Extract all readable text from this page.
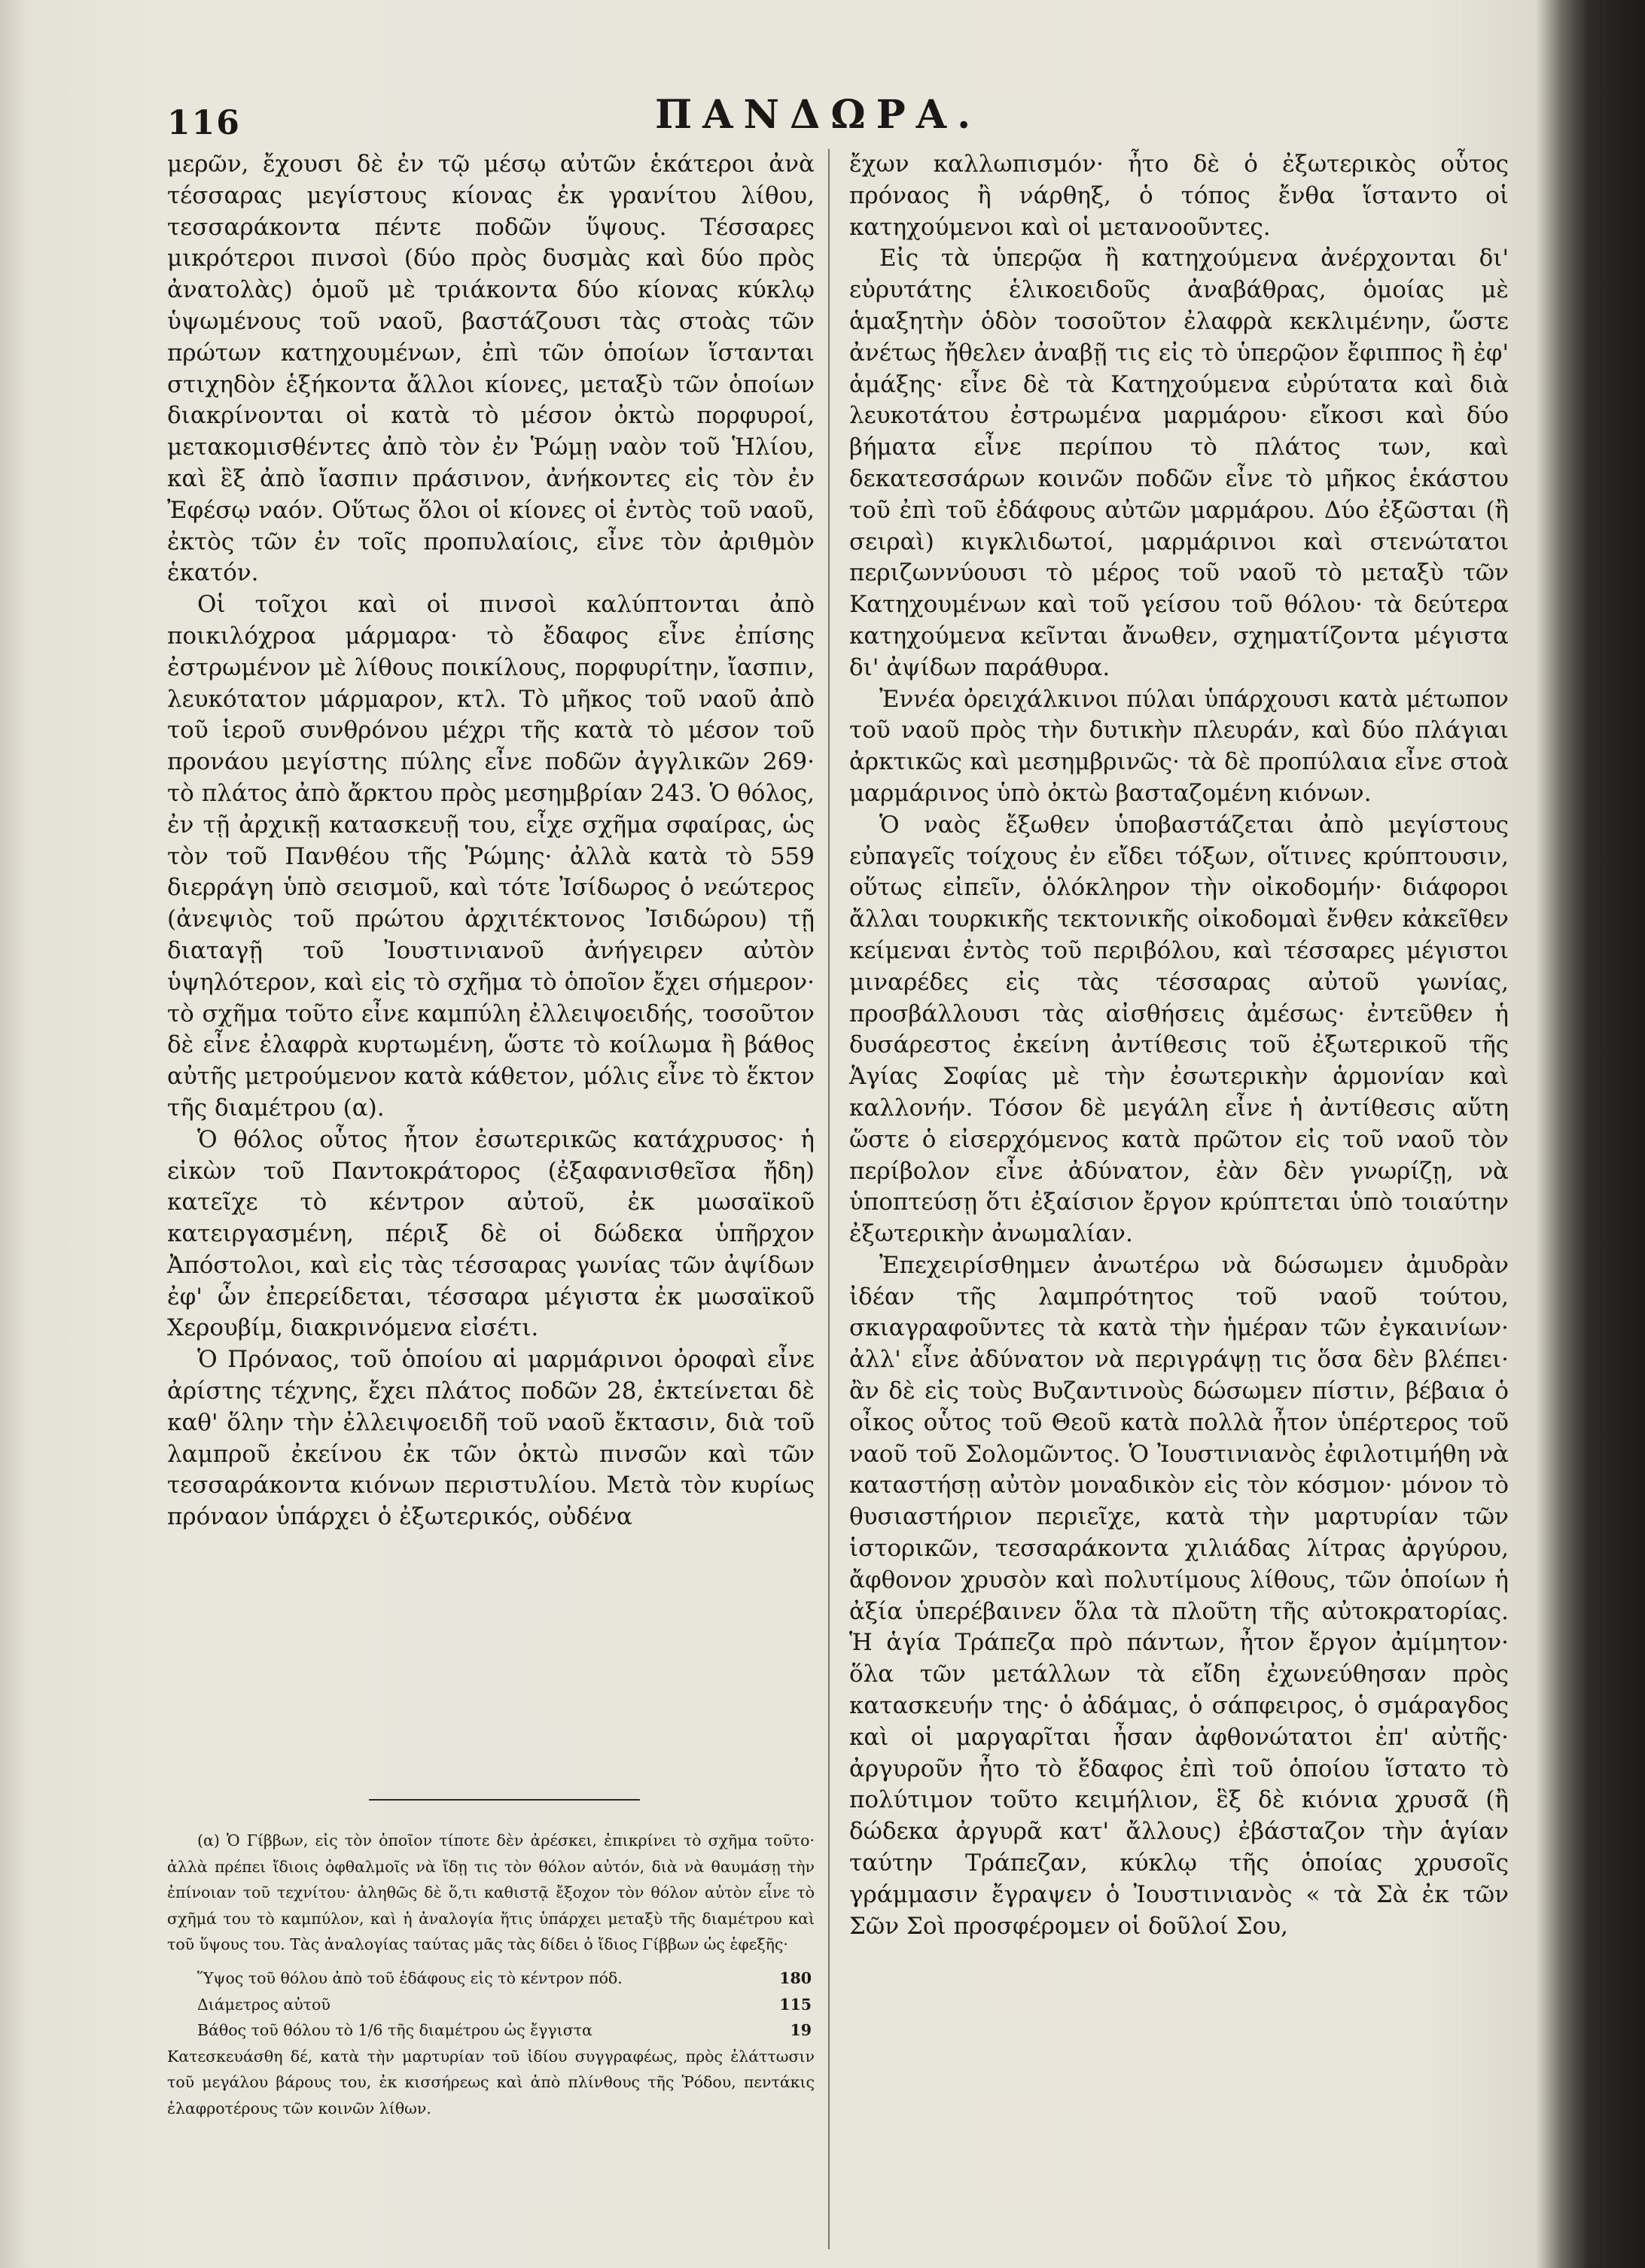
116	ΠΑΝΔΩΡΑ.

μερῶν, ἔχουσι δὲ ἐν τῷ μέσῳ αὐτῶν ἑκάτεροι ἀνὰ τέσσαρας μεγίστους κίονας ἐκ γρανίτου λίθου, τεσσαράκοντα πέντε ποδῶν ὕψους. Τέσσαρες μικρότεροι πινσοὶ (δύο πρὸς δυσμὰς καὶ δύο πρὸς ἀνατολὰς) ὁμοῦ μὲ τριάκοντα δύο κίονας κύκλῳ ὑψωμένους τοῦ ναοῦ, βαστάζουσι τὰς στοὰς τῶν πρώτων κατηχουμένων, ἐπὶ τῶν ὁποίων ἵστανται στιχηδὸν ἑξήκοντα ἄλλοι κίονες, μεταξὺ τῶν ὁποίων διακρίνονται οἱ κατὰ τὸ μέσον ὀκτὼ πορφυροί, μετακομισθέντες ἀπὸ τὸν ἐν Ῥώμῃ ναὸν τοῦ Ἡλίου, καὶ ἓξ ἀπὸ ἴασπιν πράσινον, ἀνήκοντες εἰς τὸν ἐν Ἐφέσῳ ναόν. Οὕτως ὅλοι οἱ κίονες οἱ ἐντὸς τοῦ ναοῦ, ἐκτὸς τῶν ἐν τοῖς προπυλαίοις, εἶνε τὸν ἀριθμὸν ἑκατόν.

Οἱ τοῖχοι καὶ οἱ πινσοὶ καλύπτονται ἀπὸ ποικιλόχροα μάρμαρα· τὸ ἔδαφος εἶνε ἐπίσης ἐστρωμένον μὲ λίθους ποικίλους, πορφυρίτην, ἴασπιν, λευκότατον μάρμαρον, κτλ. Τὸ μῆκος τοῦ ναοῦ ἀπὸ τοῦ ἱεροῦ συνθρόνου μέχρι τῆς κατὰ τὸ μέσον τοῦ προνάου μεγίστης πύλης εἶνε ποδῶν ἀγγλικῶν 269· τὸ πλάτος ἀπὸ ἄρκτου πρὸς μεσημβρίαν 243. Ὁ θόλος, ἐν τῇ ἀρχικῇ κατασκευῇ του, εἶχε σχῆμα σφαίρας, ὡς τὸν τοῦ Πανθέου τῆς Ῥώμης· ἀλλὰ κατὰ τὸ 559 διερράγη ὑπὸ σεισμοῦ, καὶ τότε Ἰσίδωρος ὁ νεώτερος (ἀνεψιὸς τοῦ πρώτου ἀρχιτέκτονος Ἰσιδώρου) τῇ διαταγῇ τοῦ Ἰουστινιανοῦ ἀνήγειρεν αὐτὸν ὑψηλότερον, καὶ εἰς τὸ σχῆμα τὸ ὁποῖον ἔχει σήμερον· τὸ σχῆμα τοῦτο εἶνε καμπύλη ἐλλειψοειδής, τοσοῦτον δὲ εἶνε ἐλαφρὰ κυρτωμένη, ὥστε τὸ κοίλωμα ἢ βάθος αὐτῆς μετρούμενον κατὰ κάθετον, μόλις εἶνε τὸ ἕκτον τῆς διαμέτρου (α).

Ὁ θόλος οὗτος ἦτον ἐσωτερικῶς κατάχρυσος· ἡ εἰκὼν τοῦ Παντοκράτορος (ἐξαφανισθεῖσα ἤδη) κατεῖχε τὸ κέντρον αὐτοῦ, ἐκ μωσαϊκοῦ κατειργασμένη, πέριξ δὲ οἱ δώδεκα ὑπῆρχον Ἀπόστολοι, καὶ εἰς τὰς τέσσαρας γωνίας τῶν ἀψίδων ἐφ' ὧν ἐπερείδεται, τέσσαρα μέγιστα ἐκ μωσαϊκοῦ Χερουβίμ, διακρινόμενα εἰσέτι.

Ὁ Πρόναος, τοῦ ὁποίου αἱ μαρμάρινοι ὀροφαὶ εἶνε ἀρίστης τέχνης, ἔχει πλάτος ποδῶν 28, ἐκτείνεται δὲ καθ' ὅλην τὴν ἐλλειψοειδῆ τοῦ ναοῦ ἔκτασιν, διὰ τοῦ λαμπροῦ ἐκείνου ἐκ τῶν ὀκτὼ πινσῶν καὶ τῶν τεσσαράκοντα κιόνων περιστυλίου. Μετὰ τὸν κυρίως πρόναον ὑπάρχει ὁ ἐξωτερικός, οὐδένα

(α) Ὁ Γίββων, εἰς τὸν ὁποῖον τίποτε δὲν ἀρέσκει, ἐπικρίνει τὸ σχῆμα τοῦτο· ἀλλὰ πρέπει ἴδιοις ὀφθαλμοῖς νὰ ἴδῃ τις τὸν θόλον αὐτόν, διὰ νὰ θαυμάσῃ τὴν ἐπίνοιαν τοῦ τεχνίτου· ἀληθῶς δὲ ὅ,τι καθιστᾷ ἔξοχον τὸν θόλον αὐτὸν εἶνε τὸ σχῆμά του τὸ καμπύλον, καὶ ἡ ἀναλογία ἥτις ὑπάρχει μεταξὺ τῆς διαμέτρου καὶ τοῦ ὕψους του. Τὰς ἀναλογίας ταύτας μᾶς τὰς δίδει ὁ ἴδιος Γίββων ὡς ἑφεξῆς·

Ὕψος τοῦ θόλου ἀπὸ τοῦ ἐδάφους εἰς τὸ κέντρον πόδ.	180
Διάμετρος αὐτοῦ	115
Βάθος τοῦ θόλου τὸ 1/6 τῆς διαμέτρου ὡς ἔγγιστα	19

Κατεσκευάσθη δέ, κατὰ τὴν μαρτυρίαν τοῦ ἰδίου συγγραφέως, πρὸς ἐλάττωσιν τοῦ μεγάλου βάρους του, ἐκ κισσήρεως καὶ ἀπὸ πλίνθους τῆς Ῥόδου, πεντάκις ἐλαφροτέρους τῶν κοινῶν λίθων.

ἔχων καλλωπισμόν· ἦτο δὲ ὁ ἐξωτερικὸς οὗτος πρόναος ἢ νάρθηξ, ὁ τόπος ἔνθα ἵσταντο οἱ κατηχούμενοι καὶ οἱ μετανοοῦντες.

Εἰς τὰ ὑπερῷα ἢ κατηχούμενα ἀνέρχονται δι' εὐρυτάτης ἑλικοειδοῦς ἀναβάθρας, ὁμοίας μὲ ἁμαξητὴν ὁδὸν τοσοῦτον ἐλαφρὰ κεκλιμένην, ὥστε ἀνέτως ἤθελεν ἀναβῇ τις εἰς τὸ ὑπερῷον ἔφιππος ἢ ἐφ' ἁμάξης· εἶνε δὲ τὰ Κατηχούμενα εὐρύτατα καὶ διὰ λευκοτάτου ἐστρωμένα μαρμάρου· εἴκοσι καὶ δύο βήματα εἶνε περίπου τὸ πλάτος των, καὶ δεκατεσσάρων κοινῶν ποδῶν εἶνε τὸ μῆκος ἑκάστου τοῦ ἐπὶ τοῦ ἐδάφους αὐτῶν μαρμάρου. Δύο ἐξῶσται (ἢ σειραὶ) κιγκλιδωτοί, μαρμάρινοι καὶ στενώτατοι περιζωννύουσι τὸ μέρος τοῦ ναοῦ τὸ μεταξὺ τῶν Κατηχουμένων καὶ τοῦ γείσου τοῦ θόλου· τὰ δεύτερα κατηχούμενα κεῖνται ἄνωθεν, σχηματίζοντα μέγιστα δι' ἀψίδων παράθυρα.

Ἐννέα ὀρειχάλκινοι πύλαι ὑπάρχουσι κατὰ μέτωπον τοῦ ναοῦ πρὸς τὴν δυτικὴν πλευράν, καὶ δύο πλάγιαι ἀρκτικῶς καὶ μεσημβρινῶς· τὰ δὲ προπύλαια εἶνε στοὰ μαρμάρινος ὑπὸ ὀκτὼ βασταζομένη κιόνων.

Ὁ ναὸς ἔξωθεν ὑποβαστάζεται ἀπὸ μεγίστους εὐπαγεῖς τοίχους ἐν εἴδει τόξων, οἵτινες κρύπτουσιν, οὕτως εἰπεῖν, ὁλόκληρον τὴν οἰκοδομήν· διάφοροι ἄλλαι τουρκικῆς τεκτονικῆς οἰκοδομαὶ ἔνθεν κἀκεῖθεν κείμεναι ἐντὸς τοῦ περιβόλου, καὶ τέσσαρες μέγιστοι μιναρέδες εἰς τὰς τέσσαρας αὐτοῦ γωνίας, προσβάλλουσι τὰς αἰσθήσεις ἀμέσως· ἐντεῦθεν ἡ δυσάρεστος ἐκείνη ἀντίθεσις τοῦ ἐξωτερικοῦ τῆς Ἁγίας Σοφίας μὲ τὴν ἐσωτερικὴν ἁρμονίαν καὶ καλλονήν. Τόσον δὲ μεγάλη εἶνε ἡ ἀντίθεσις αὕτη ὥστε ὁ εἰσερχόμενος κατὰ πρῶτον εἰς τοῦ ναοῦ τὸν περίβολον εἶνε ἀδύνατον, ἐὰν δὲν γνωρίζῃ, νὰ ὑποπτεύσῃ ὅτι ἐξαίσιον ἔργον κρύπτεται ὑπὸ τοιαύτην ἐξωτερικὴν ἀνωμαλίαν.

Ἐπεχειρίσθημεν ἀνωτέρω νὰ δώσωμεν ἀμυδρὰν ἰδέαν τῆς λαμπρότητος τοῦ ναοῦ τούτου, σκιαγραφοῦντες τὰ κατὰ τὴν ἡμέραν τῶν ἐγκαινίων· ἀλλ' εἶνε ἀδύνατον νὰ περιγράψῃ τις ὅσα δὲν βλέπει· ἂν δὲ εἰς τοὺς Βυζαντινοὺς δώσωμεν πίστιν, βέβαια ὁ οἶκος οὗτος τοῦ Θεοῦ κατὰ πολλὰ ἦτον ὑπέρτερος τοῦ ναοῦ τοῦ Σολομῶντος. Ὁ Ἰουστινιανὸς ἐφιλοτιμήθη νὰ καταστήσῃ αὐτὸν μοναδικὸν εἰς τὸν κόσμον· μόνον τὸ θυσιαστήριον περιεῖχε, κατὰ τὴν μαρτυρίαν τῶν ἱστορικῶν, τεσσαράκοντα χιλιάδας λίτρας ἀργύρου, ἄφθονον χρυσὸν καὶ πολυτίμους λίθους, τῶν ὁποίων ἡ ἀξία ὑπερέβαινεν ὅλα τὰ πλοῦτη τῆς αὐτοκρατορίας. Ἡ ἁγία Τράπεζα πρὸ πάντων, ἦτον ἔργον ἀμίμητον· ὅλα τῶν μετάλλων τὰ εἴδη ἐχωνεύθησαν πρὸς κατασκευήν της· ὁ ἀδάμας, ὁ σάπφειρος, ὁ σμάραγδος καὶ οἱ μαργαρῖται ἦσαν ἀφθονώτατοι ἐπ' αὐτῆς· ἀργυροῦν ἦτο τὸ ἔδαφος ἐπὶ τοῦ ὁποίου ἵστατο τὸ πολύτιμον τοῦτο κειμήλιον, ἓξ δὲ κιόνια χρυσᾶ (ἢ δώδεκα ἀργυρᾶ κατ' ἄλλους) ἐβάσταζον τὴν ἁγίαν ταύτην Τράπεζαν, κύκλῳ τῆς ὁποίας χρυσοῖς γράμμασιν ἔγραψεν ὁ Ἰουστινιανὸς « τὰ Σὰ ἐκ τῶν Σῶν Σοὶ προσφέρομεν οἱ δοῦλοί Σου,
